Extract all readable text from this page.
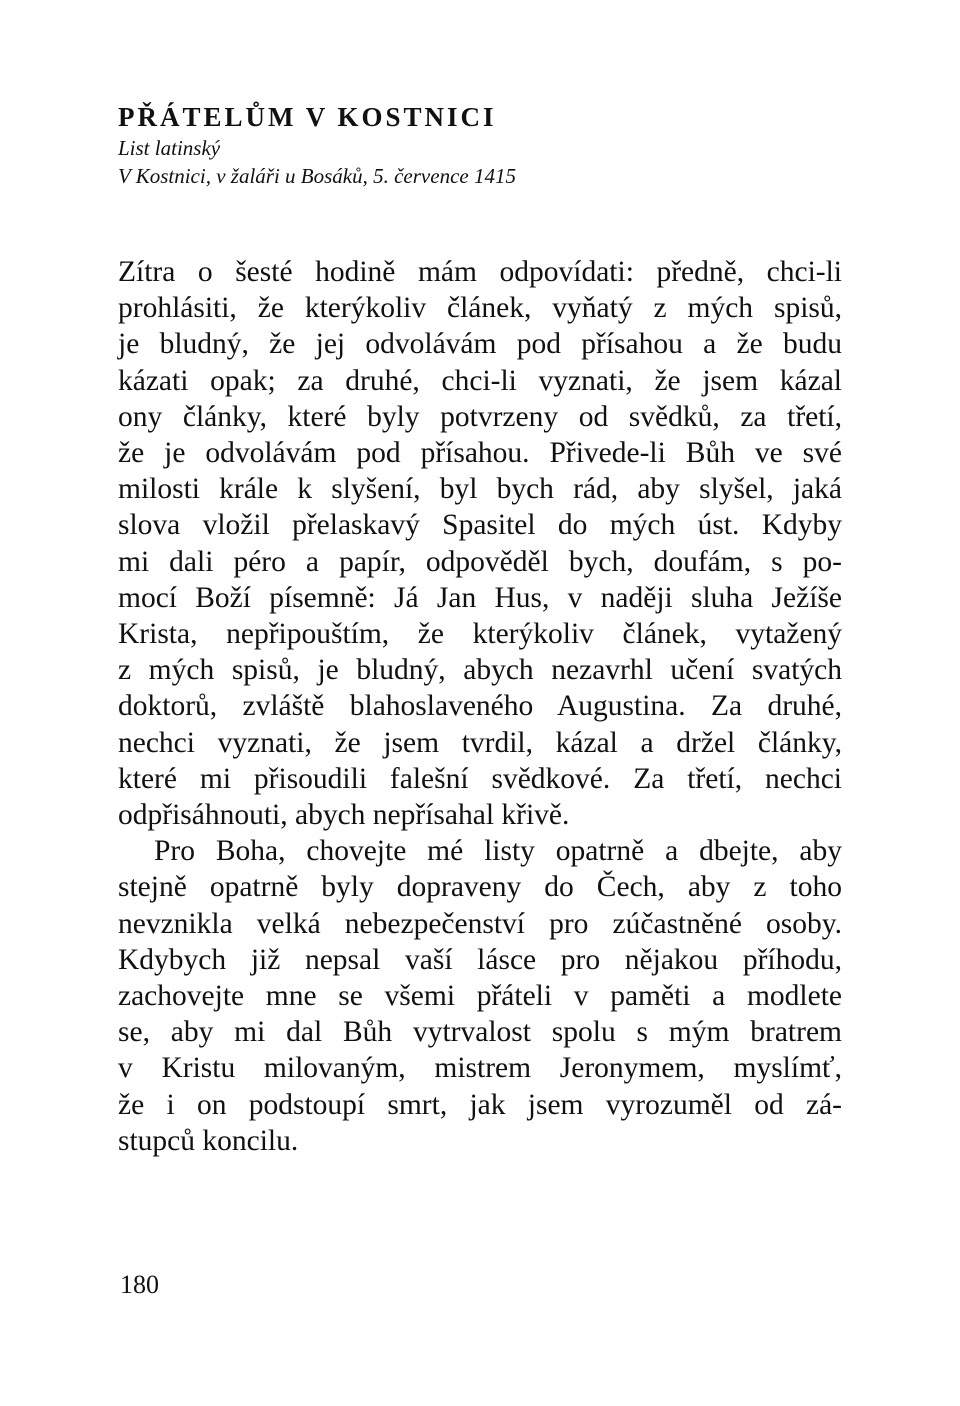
PŘÁTELŮM V KOSTNICI

List latinský

V Kostnici, v žaláři u Bosáků, 5. července 1415

Zítra o šesté hodině mám odpovídati: předně, chci-li
prohlásiti, že kterýkoliv článek, vyňatý z mých spisů,
je bludný, že jej odvolávám pod přísahou a že budu
kázati opak; za druhé, chci-li vyznati, že jsem kázal
ony články, které byly potvrzeny od svědků, za třetí,
že je odvolávám pod přísahou. Přivede-li Bůh ve své
milosti krále k slyšení, byl bych rád, aby slyšel, jaká
slova vložil přelaskavý Spasitel do mých úst. Kdyby
mi dali péro a papír, odpověděl bych, doufám, s po-
mocí Boží písemně: Já Jan Hus, v naději sluha Ježíše
Krista, nepřipouštím, že kterýkoliv článek, vytažený
z mých spisů, je bludný, abych nezavrhl učení svatých
doktorů, zvláště blahoslaveného Augustina. Za druhé,
nechci vyznati, že jsem tvrdil, kázal a držel články,
které mi přisoudili falešní svědkové. Za třetí, nechci
odpřisáhnouti, abych nepřísahal křivě.
Pro Boha, chovejte mé listy opatrně a dbejte, aby
stejně opatrně byly dopraveny do Čech, aby z toho
nevznikla velká nebezpečenství pro zúčastněné osoby.
Kdybych již nepsal vaší lásce pro nějakou příhodu,
zachovejte mne se všemi přáteli v paměti a modlete
se, aby mi dal Bůh vytrvalost spolu s mým bratrem
v Kristu milovaným, mistrem Jeronymem, myslímť,
že i on podstoupí smrt, jak jsem vyrozuměl od zá-
stupců koncilu.
180
